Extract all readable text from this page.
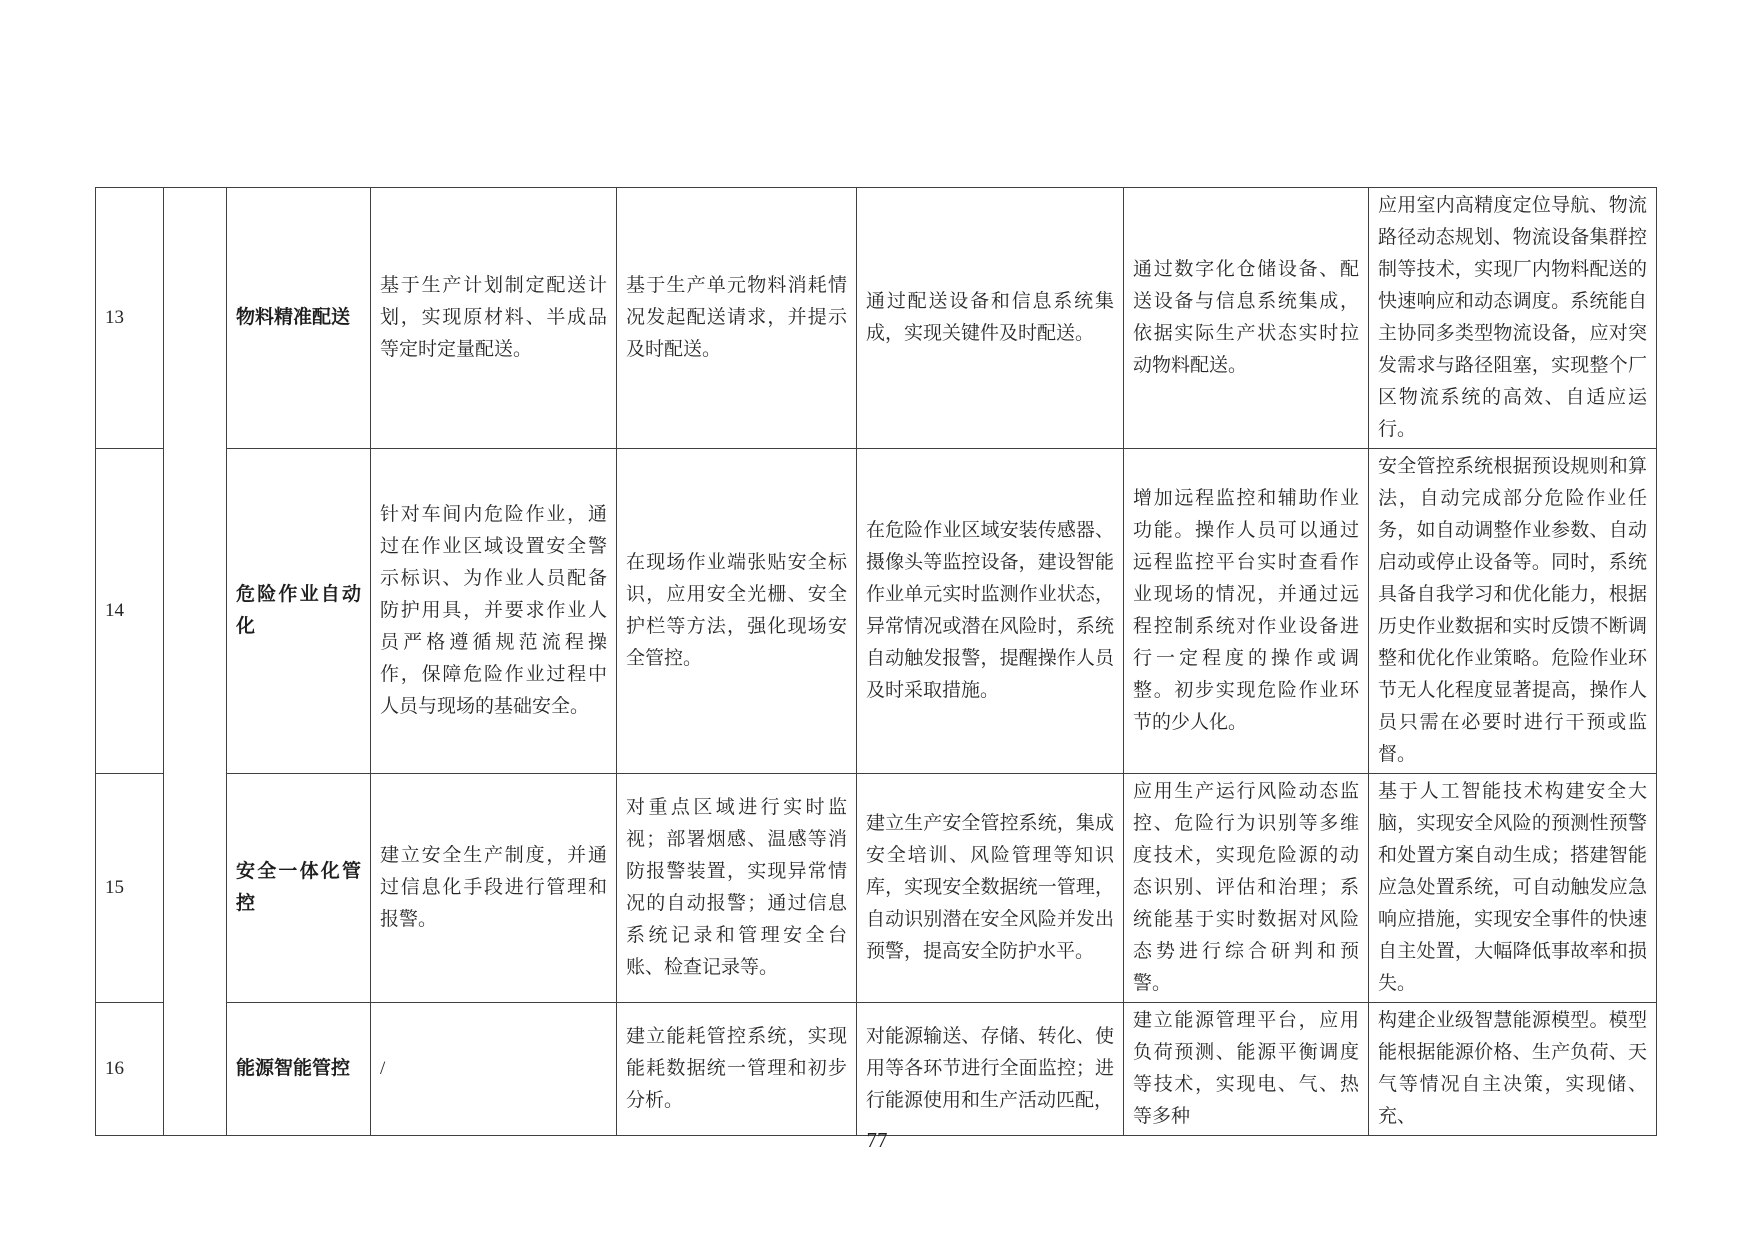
13		物料精准配送	基于生产计划制定配送计划，实现原材料、半成品等定时定量配送。	基于生产单元物料消耗情况发起配送请求，并提示及时配送。	通过配送设备和信息系统集成，实现关键件及时配送。	通过数字化仓储设备、配送设备与信息系统集成，依据实际生产状态实时拉动物料配送。	应用室内高精度定位导航、物流路径动态规划、物流设备集群控制等技术，实现厂内物料配送的快速响应和动态调度。系统能自主协同多类型物流设备，应对突发需求与路径阻塞，实现整个厂区物流系统的高效、自适应运行。
14		危险作业自动化	针对车间内危险作业，通过在作业区域设置安全警示标识、为作业人员配备防护用具，并要求作业人员严格遵循规范流程操作，保障危险作业过程中人员与现场的基础安全。	在现场作业端张贴安全标识，应用安全光栅、安全护栏等方法，强化现场安全管控。	在危险作业区域安装传感器、摄像头等监控设备，建设智能作业单元实时监测作业状态，异常情况或潜在风险时，系统自动触发报警，提醒操作人员及时采取措施。	增加远程监控和辅助作业功能。操作人员可以通过远程监控平台实时查看作业现场的情况，并通过远程控制系统对作业设备进行一定程度的操作或调整。初步实现危险作业环节的少人化。	安全管控系统根据预设规则和算法，自动完成部分危险作业任务，如自动调整作业参数、自动启动或停止设备等。同时，系统具备自我学习和优化能力，根据历史作业数据和实时反馈不断调整和优化作业策略。危险作业环节无人化程度显著提高，操作人员只需在必要时进行干预或监督。
15		安全一体化管控	建立安全生产制度，并通过信息化手段进行管理和报警。	对重点区域进行实时监视；部署烟感、温感等消防报警装置，实现异常情况的自动报警；通过信息系统记录和管理安全台账、检查记录等。	建立生产安全管控系统，集成安全培训、风险管理等知识库，实现安全数据统一管理，自动识别潜在安全风险并发出预警，提高安全防护水平。	应用生产运行风险动态监控、危险行为识别等多维度技术，实现危险源的动态识别、评估和治理；系统能基于实时数据对风险态势进行综合研判和预警。	基于人工智能技术构建安全大脑，实现安全风险的预测性预警和处置方案自动生成；搭建智能应急处置系统，可自动触发应急响应措施，实现安全事件的快速自主处置，大幅降低事故率和损失。
16		能源智能管控	/	建立能耗管控系统，实现能耗数据统一管理和初步分析。	对能源输送、存储、转化、使用等各环节进行全面监控；进行能源使用和生产活动匹配，	建立能源管理平台，应用负荷预测、能源平衡调度等技术，实现电、气、热等多种	构建企业级智慧能源模型。模型能根据能源价格、生产负荷、天气等情况自主决策，实现储、充、
77
